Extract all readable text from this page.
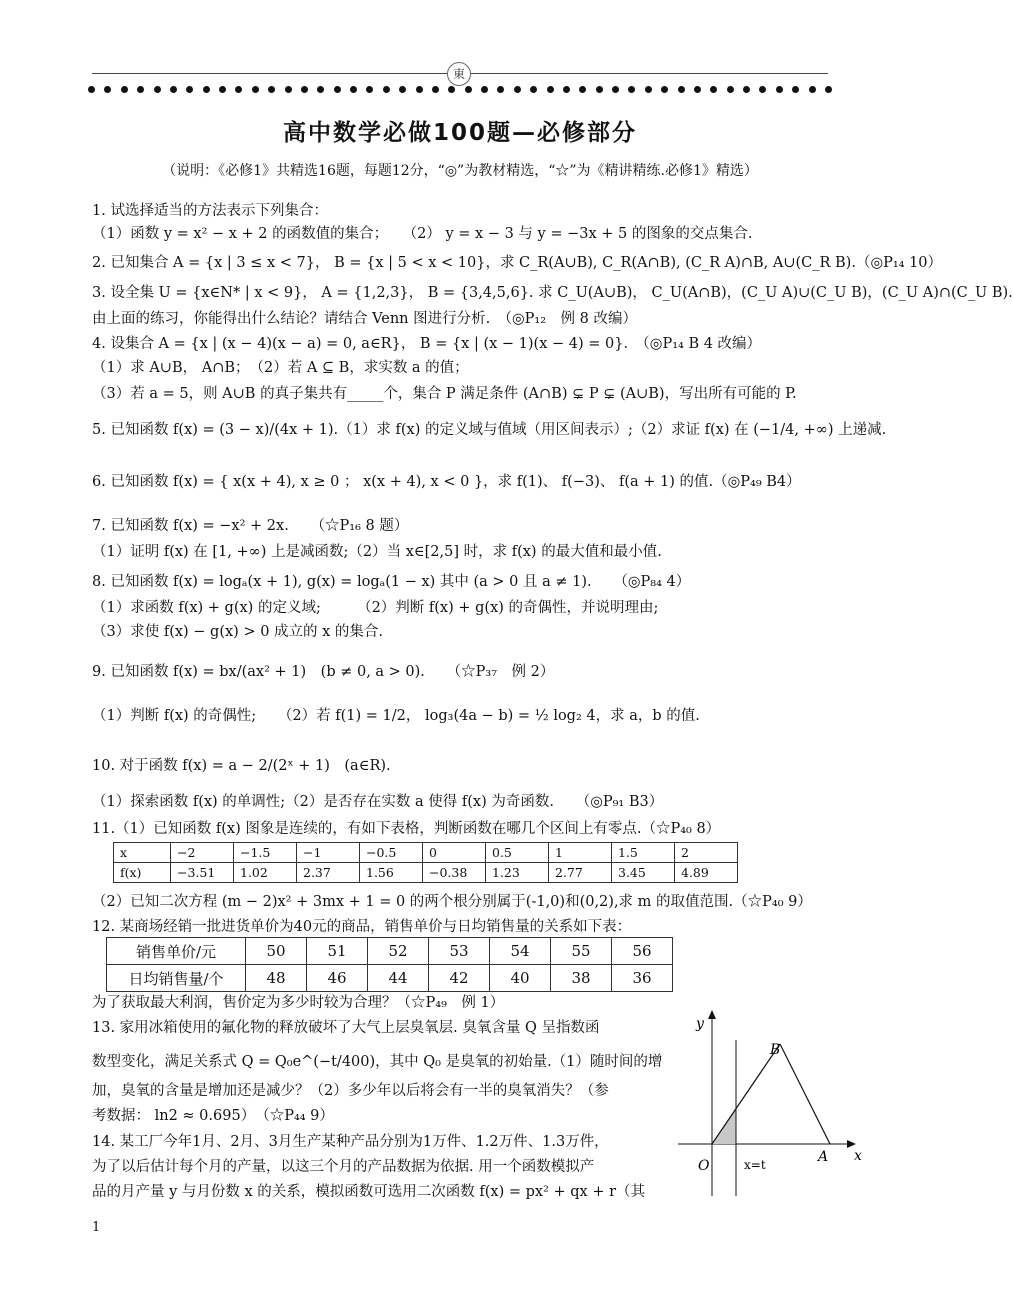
東
高中数学必做100题—必修部分
（说明：《必修1》共精选16题，每题12分，“◎”为教材精选，“☆”为《精讲精练.必修1》精选）
1. 试选择适当的方法表示下列集合：
（1）函数 y = x² − x + 2 的函数值的集合；　　（2） y = x − 3 与 y = −3x + 5 的图象的交点集合.
2. 已知集合 A = {x | 3 ≤ x < 7}， B = {x | 5 < x < 10}，求 C_R(A∪B), C_R(A∩B), (C_R A)∩B, A∪(C_R B).（◎P₁₄ 10）
3. 设全集 U = {x∈N* | x < 9}， A = {1,2,3}， B = {3,4,5,6}. 求 C_U(A∪B)， C_U(A∩B)，(C_U A)∪(C_U B)，(C_U A)∩(C_U B).
由上面的练习，你能得出什么结论？请结合 Venn 图进行分析.　（◎P₁₂　例 8 改编）
4. 设集合 A = {x | (x − 4)(x − a) = 0, a∈R}， B = {x | (x − 1)(x − 4) = 0}.　（◎P₁₄ B 4 改编）
（1）求 A∪B， A∩B；　（2）若 A ⊆ B，求实数 a 的值；
（3）若 a = 5，则 A∪B 的真子集共有_____个，集合 P 满足条件 (A∩B) ⊊ P ⊊ (A∪B)，写出所有可能的 P.
5. 已知函数 f(x) = (3 − x)/(4x + 1).（1）求 f(x) 的定义域与值域（用区间表示）;（2）求证 f(x) 在 (−1/4, +∞) 上递减.
6. 已知函数 f(x) = { x(x + 4), x ≥ 0 ； x(x + 4), x < 0 }，求 f(1)、 f(−3)、 f(a + 1) 的值.（◎P₄₉ B4）
7. 已知函数 f(x) = −x² + 2x.　　（☆P₁₆ 8 题）
（1）证明 f(x) 在 [1, +∞) 上是减函数;（2）当 x∈[2,5] 时，求 f(x) 的最大值和最小值.
8. 已知函数 f(x) = logₐ(x + 1), g(x) = logₐ(1 − x) 其中 (a > 0 且 a ≠ 1).　　（◎P₈₄ 4）
（1）求函数 f(x) + g(x) 的定义域;　　　（2）判断 f(x) + g(x) 的奇偶性，并说明理由;
（3）求使 f(x) − g(x) > 0 成立的 x 的集合.
9. 已知函数 f(x) = bx/(ax² + 1)　(b ≠ 0, a > 0).　　（☆P₃₇　例 2）
（1）判断 f(x) 的奇偶性;　　（2）若 f(1) = 1/2， log₃(4a − b) = ½ log₂ 4，求 a，b 的值.
10. 对于函数 f(x) = a − 2/(2ˣ + 1)　(a∈R).
（1）探索函数 f(x) 的单调性;（2）是否存在实数 a 使得 f(x) 为奇函数.　　（◎P₉₁ B3）
11.（1）已知函数 f(x) 图象是连续的，有如下表格，判断函数在哪几个区间上有零点.（☆P₄₀ 8）
x	−2	−1.5	−1	−0.5	0	0.5	1	1.5	2
f(x)	−3.51	1.02	2.37	1.56	−0.38	1.23	2.77	3.45	4.89
（2）已知二次方程 (m − 2)x² + 3mx + 1 = 0 的两个根分别属于(-1,0)和(0,2),求 m 的取值范围.（☆P₄₀ 9）
12. 某商场经销一批进货单价为40元的商品，销售单价与日均销售量的关系如下表：
销售单价/元	50	51	52	53	54	55	56
日均销售量/个	48	46	44	42	40	38	36
为了获取最大利润，售价定为多少时较为合理？（☆P₄₉　例 1）
13. 家用冰箱使用的氟化物的释放破坏了大气上层臭氧层. 臭氧含量 Q 呈指数函
数型变化，满足关系式 Q = Q₀e^(−t/400)，其中 Q₀ 是臭氧的初始量.（1）随时间的增
加，臭氧的含量是增加还是减少？（2）多少年以后将会有一半的臭氧消失？（参
考数据： ln2 ≈ 0.695）　（☆P₄₄ 9）
14. 某工厂今年1月、2月、3月生产某种产品分别为1万件、1.2万件、1.3万件，
为了以后估计每个月的产量，以这三个月的产品数据为依据. 用一个函数模拟产
品的月产量 y 与月份数 x 的关系，模拟函数可选用二次函数 f(x) = px² + qx + r（其
y
x
O
A
B
x=t
1
